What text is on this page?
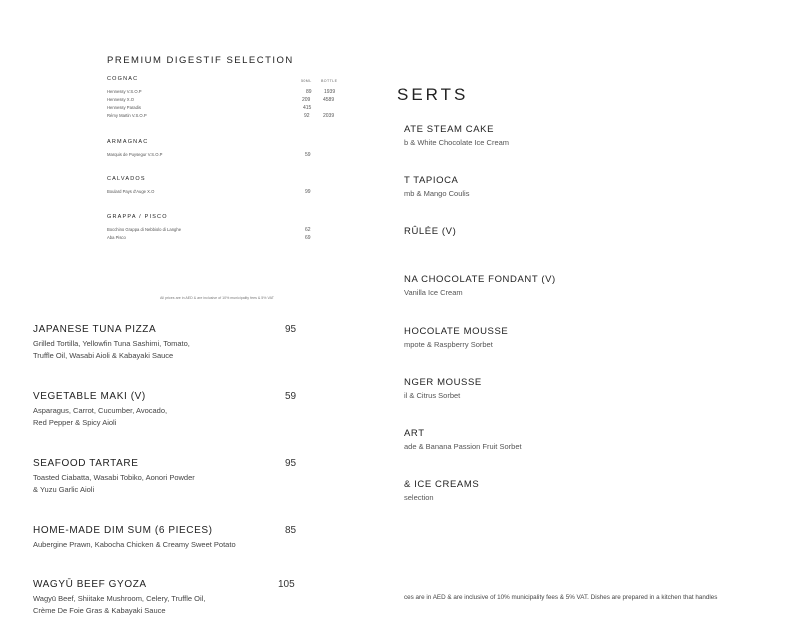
PREMIUM DIGESTIF SELECTION
50ML	BOTTLE
COGNAC
Hennessy V.S.O.P	89 1939
Hennessy X.O	209	4589
Hennessy Paradis	415
Rémy Martin V.S.O.P	92	2039
ARMAGNAC
Marquis de Puysegur V.S.O.P	59
CALVADOS
Boulard Pays d'Auge X.O	99
GRAPPA / PISCO
Bocchino Grappa di Nebbiolo di Langhe	62
Aba Pisco	69
All prices are in AED & are inclusive of 10% municipality fees & 5% VAT
JAPANESE TUNA PIZZA	95
Grilled Tortilla, Yellowfin Tuna Sashimi, Tomato,
Truffle Oil, Wasabi Aioli & Kabayaki Sauce
VEGETABLE MAKI (V)	59
Asparagus, Carrot, Cucumber, Avocado,
Red Pepper & Spicy Aioli
SEAFOOD TARTARE	95
Toasted Ciabatta, Wasabi Tobiko, Aonori Powder
& Yuzu Garlic Aioli
HOME-MADE DIM SUM (6 PIECES)	85
Aubergine Prawn, Kabocha Chicken & Creamy Sweet Potato
WAGYŪ BEEF GYOZA	105
Wagyū Beef, Shiitake Mushroom, Celery, Truffle Oil,
Crème De Foie Gras & Kabayaki Sauce
SERTS
ATE STEAM CAKE
b & White Chocolate Ice Cream
T TAPIOCA
mb & Mango Coulis
RÛLÉE (V)
NA CHOCOLATE FONDANT (V)
Vanilla Ice Cream
HOCOLATE MOUSSE
mpote & Raspberry Sorbet
NGER MOUSSE
il & Citrus Sorbet
ART
ade & Banana Passion Fruit Sorbet
& ICE CREAMS
selection
ces are in AED & are inclusive of 10% municipality fees & 5% VAT. Dishes are prepared in a kitchen that handles
